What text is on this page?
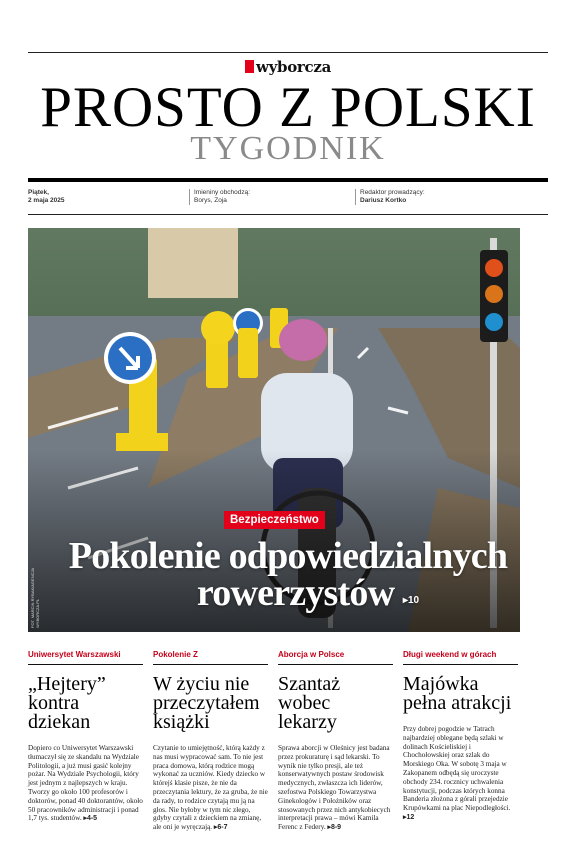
wyborcza
PROSTO Z POLSKI
TYGODNIK
Piątek,
2 maja 2025
Imieniny obchodzą:
Borys, Zoja
Redaktor prowadzący:
Dariusz Kortko
FOT. MARCIN RYBAK/AGENCJA WYBORCZA.PL
Bezpieczeństwo
Pokolenie odpowiedzialnych
rowerzystów ▸10
Uniwersytet Warszawski
„Hejtery” kontra dziekan

Dopiero co Uniwersytet Warszawski tłumaczył się ze skandalu na Wydziale Politologii, a już musi gasić kolejny pożar. Na Wydziale Psychologii, który jest jednym z najlepszych w kraju. Tworzy go około 100 profesorów i doktorów, ponad 40 doktorantów, około 50 pracowników administracji i ponad 1,7 tys. studentów. ▸4-5

Pokolenie Z
W życiu nie przeczytałem książki

Czytanie to umiejętność, którą każdy z nas musi wypracować sam. To nie jest praca domowa, którą rodzice mogą wykonać za uczniów. Kiedy dziecko w którejś klasie pisze, że nie da przeczytania lektury, że za gruba, że nie da rady, to rodzice czytają mu ją na głos. Nie byłoby w tym nic złego, gdyby czytali z dzieckiem na zmianę, ale oni je wyręczają. ▸6-7

Aborcja w Polsce
Szantaż wobec lekarzy

Sprawa aborcji w Oleśnicy jest badana przez prokuraturę i sąd lekarski. To wynik nie tylko presji, ale też konserwatywnych postaw środowisk medycznych, zwłaszcza ich liderów, szefostwa Polskiego Towarzystwa Ginekologów i Położników oraz stosowanych przez nich antykobiecych interpretacji prawa – mówi Kamila Ferenc z Federy. ▸8-9

Długi weekend w górach
Majówka pełna atrakcji

Przy dobrej pogodzie w Tatrach najbardziej oblegane będą szlaki w dolinach Kościeliskiej i Chochołowskiej oraz szlak do Morskiego Oka. W sobotę 3 maja w Zakopanem odbędą się uroczyste obchody 234. rocznicy uchwalenia konstytucji, podczas których konna Banderia złożona z górali przejedzie Krupówkami na plac Niepodległości. ▸12
